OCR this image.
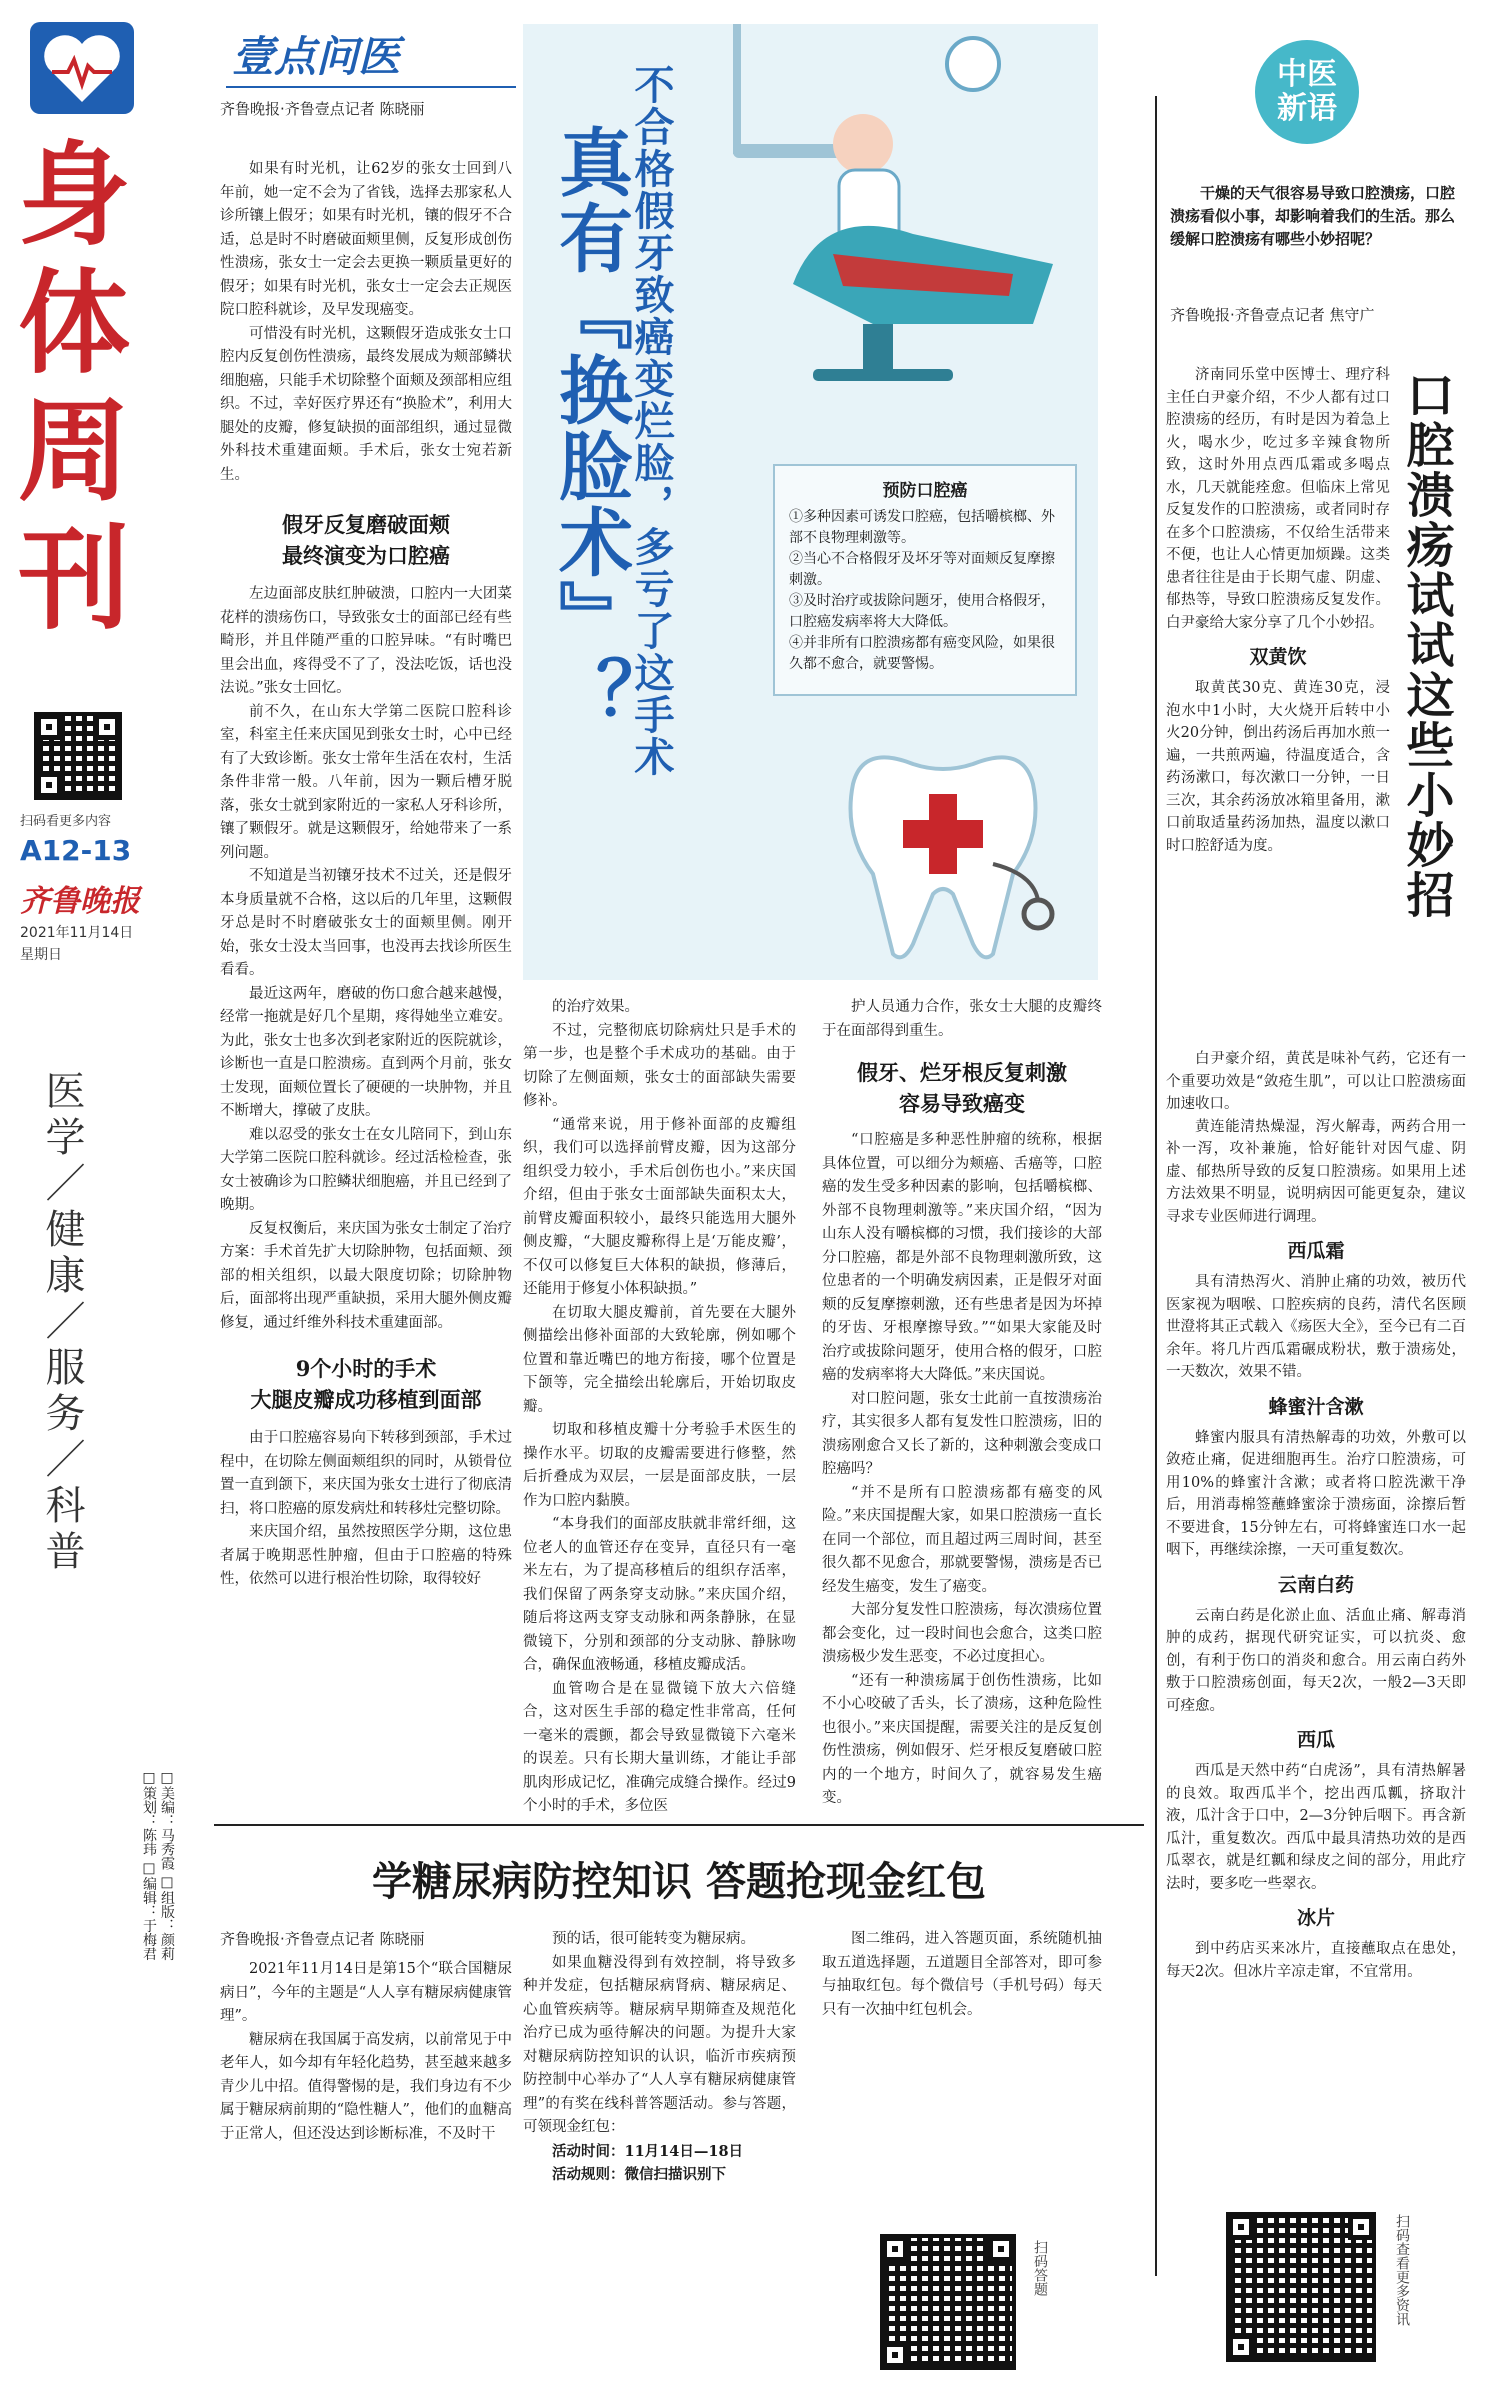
身体周刊
扫码看更多内容
A12-13
齐鲁晚报
2021年11月14日
星期日
医学／健康／服务／科普
□美编：马秀霞 □组版：颜莉
□策划：陈玮 □编辑：于梅君
壹点问医
齐鲁晚报·齐鲁壹点记者 陈晓丽

如果有时光机，让62岁的张女士回到八年前，她一定不会为了省钱，选择去那家私人诊所镶上假牙；如果有时光机，镶的假牙不合适，总是时不时磨破面颊里侧，反复形成创伤性溃疡，张女士一定会去更换一颗质量更好的假牙；如果有时光机，张女士一定会去正规医院口腔科就诊，及早发现癌变。

可惜没有时光机，这颗假牙造成张女士口腔内反复创伤性溃疡，最终发展成为颊部鳞状细胞癌，只能手术切除整个面颊及颈部相应组织。不过，幸好医疗界还有“换脸术”，利用大腿处的皮瓣，修复缺损的面部组织，通过显微外科技术重建面颊。手术后，张女士宛若新生。

假牙反复磨破面颊
最终演变为口腔癌

左边面部皮肤红肿破溃，口腔内一大团菜花样的溃疡伤口，导致张女士的面部已经有些畸形，并且伴随严重的口腔异味。“有时嘴巴里会出血，疼得受不了了，没法吃饭，话也没法说。”张女士回忆。

前不久，在山东大学第二医院口腔科诊室，科室主任来庆国见到张女士时，心中已经有了大致诊断。张女士常年生活在农村，生活条件非常一般。八年前，因为一颗后槽牙脱落，张女士就到家附近的一家私人牙科诊所，镶了颗假牙。就是这颗假牙，给她带来了一系列问题。

不知道是当初镶牙技术不过关，还是假牙本身质量就不合格，这以后的几年里，这颗假牙总是时不时磨破张女士的面颊里侧。刚开始，张女士没太当回事，也没再去找诊所医生看看。

最近这两年，磨破的伤口愈合越来越慢，经常一拖就是好几个星期，疼得她坐立难安。为此，张女士也多次到老家附近的医院就诊，诊断也一直是口腔溃疡。直到两个月前，张女士发现，面颊位置长了硬硬的一块肿物，并且不断增大，撑破了皮肤。

难以忍受的张女士在女儿陪同下，到山东大学第二医院口腔科就诊。经过活检检查，张女士被确诊为口腔鳞状细胞癌，并且已经到了晚期。

反复权衡后，来庆国为张女士制定了治疗方案：手术首先扩大切除肿物，包括面颊、颈部的相关组织，以最大限度切除；切除肿物后，面部将出现严重缺损，采用大腿外侧皮瓣修复，通过纤维外科技术重建面部。

9个小时的手术
大腿皮瓣成功移植到面部

由于口腔癌容易向下转移到颈部，手术过程中，在切除左侧面颊组织的同时，从锁骨位置一直到颌下，来庆国为张女士进行了彻底清扫，将口腔癌的原发病灶和转移灶完整切除。

来庆国介绍，虽然按照医学分期，这位患者属于晚期恶性肿瘤，但由于口腔癌的特殊性，依然可以进行根治性切除，取得较好

不合格假牙致癌变烂脸，多亏了这手术
真有『换脸术』？	预防口腔癌
①多种因素可诱发口腔癌，包括嚼槟榔、外部不良物理刺激等。
②当心不合格假牙及坏牙等对面颊反复摩擦刺激。
③及时治疗或拔除问题牙，使用合格假牙，口腔癌发病率将大大降低。
④并非所有口腔溃疡都有癌变风险，如果很久都不愈合，就要警惕。

的治疗效果。

不过，完整彻底切除病灶只是手术的第一步，也是整个手术成功的基础。由于切除了左侧面颊，张女士的面部缺失需要修补。

“通常来说，用于修补面部的皮瓣组织，我们可以选择前臂皮瓣，因为这部分组织受力较小，手术后创伤也小。”来庆国介绍，但由于张女士面部缺失面积太大，前臂皮瓣面积较小，最终只能选用大腿外侧皮瓣，“大腿皮瓣称得上是‘万能皮瓣’，不仅可以修复巨大体积的缺损，修薄后，还能用于修复小体积缺损。”

在切取大腿皮瓣前，首先要在大腿外侧描绘出修补面部的大致轮廓，例如哪个位置和靠近嘴巴的地方衔接，哪个位置是下颌等，完全描绘出轮廓后，开始切取皮瓣。

切取和移植皮瓣十分考验手术医生的操作水平。切取的皮瓣需要进行修整，然后折叠成为双层，一层是面部皮肤，一层作为口腔内黏膜。

“本身我们的面部皮肤就非常纤细，这位老人的血管还存在变异，直径只有一毫米左右，为了提高移植后的组织存活率，我们保留了两条穿支动脉。”来庆国介绍，随后将这两支穿支动脉和两条静脉，在显微镜下，分别和颈部的分支动脉、静脉吻合，确保血液畅通，移植皮瓣成活。

血管吻合是在显微镜下放大六倍缝合，这对医生手部的稳定性非常高，任何一毫米的震颤，都会导致显微镜下六毫米的误差。只有长期大量训练，才能让手部肌肉形成记忆，准确完成缝合操作。经过9个小时的手术，多位医

护人员通力合作，张女士大腿的皮瓣终于在面部得到重生。

假牙、烂牙根反复刺激
容易导致癌变

“口腔癌是多种恶性肿瘤的统称，根据具体位置，可以细分为颊癌、舌癌等，口腔癌的发生受多种因素的影响，包括嚼槟榔、外部不良物理刺激等。”来庆国介绍，“因为山东人没有嚼槟榔的习惯，我们接诊的大部分口腔癌，都是外部不良物理刺激所致，这位患者的一个明确发病因素，正是假牙对面颊的反复摩擦刺激，还有些患者是因为坏掉的牙齿、牙根摩擦导致。”“如果大家能及时治疗或拔除问题牙，使用合格的假牙，口腔癌的发病率将大大降低。”来庆国说。

对口腔问题，张女士此前一直按溃疡治疗，其实很多人都有复发性口腔溃疡，旧的溃疡刚愈合又长了新的，这种刺激会变成口腔癌吗？

“并不是所有口腔溃疡都有癌变的风险。”来庆国提醒大家，如果口腔溃疡一直长在同一个部位，而且超过两三周时间，甚至很久都不见愈合，那就要警惕，溃疡是否已经发生癌变，发生了癌变。

大部分复发性口腔溃疡，每次溃疡位置都会变化，过一段时间也会愈合，这类口腔溃疡极少发生恶变，不必过度担心。

“还有一种溃疡属于创伤性溃疡，比如不小心咬破了舌头，长了溃疡，这种危险性也很小。”来庆国提醒，需要关注的是反复创伤性溃疡，例如假牙、烂牙根反复磨破口腔内的一个地方，时间久了，就容易发生癌变。

中医新语
干燥的天气很容易导致口腔溃疡，口腔溃疡看似小事，却影响着我们的生活。那么缓解口腔溃疡有哪些小妙招呢？
齐鲁晚报·齐鲁壹点记者 焦守广

济南同乐堂中医博士、理疗科主任白尹豪介绍，不少人都有过口腔溃疡的经历，有时是因为着急上火，喝水少，吃过多辛辣食物所致，这时外用点西瓜霜或多喝点水，几天就能痊愈。但临床上常见反复发作的口腔溃疡，或者同时存在多个口腔溃疡，不仅给生活带来不便，也让人心情更加烦躁。这类患者往往是由于长期气虚、阴虚、郁热等，导致口腔溃疡反复发作。白尹豪给大家分享了几个小妙招。

双黄饮

取黄芪30克、黄连30克，浸泡水中1小时，大火烧开后转中小火20分钟，倒出药汤后再加水煎一遍，一共煎两遍，待温度适合，含药汤漱口，每次漱口一分钟，一日三次，其余药汤放冰箱里备用，漱口前取适量药汤加热，温度以漱口时口腔舒适为度。	口腔溃疡试试这些小妙招

白尹豪介绍，黄芪是味补气药，它还有一个重要功效是“敛疮生肌”，可以让口腔溃疡面加速收口。

黄连能清热燥湿，泻火解毒，两药合用一补一泻，攻补兼施，恰好能针对因气虚、阴虚、郁热所导致的反复口腔溃疡。如果用上述方法效果不明显，说明病因可能更复杂，建议寻求专业医师进行调理。

西瓜霜

具有清热泻火、消肿止痛的功效，被历代医家视为咽喉、口腔疾病的良药，清代名医顾世澄将其正式载入《疡医大全》，至今已有二百余年。将几片西瓜霜碾成粉状，敷于溃疡处，一天数次，效果不错。

蜂蜜汁含漱

蜂蜜内服具有清热解毒的功效，外敷可以敛疮止痛，促进细胞再生。治疗口腔溃疡，可用10%的蜂蜜汁含漱；或者将口腔洗漱干净后，用消毒棉签蘸蜂蜜涂于溃疡面，涂擦后暂不要进食，15分钟左右，可将蜂蜜连口水一起咽下，再继续涂擦，一天可重复数次。

云南白药

云南白药是化淤止血、活血止痛、解毒消肿的成药，据现代研究证实，可以抗炎、愈创，有利于伤口的消炎和愈合。用云南白药外敷于口腔溃疡创面，每天2次，一般2—3天即可痊愈。

西瓜

西瓜是天然中药“白虎汤”，具有清热解暑的良效。取西瓜半个，挖出西瓜瓤，挤取汁液，瓜汁含于口中，2—3分钟后咽下。再含新瓜汁，重复数次。西瓜中最具清热功效的是西瓜翠衣，就是红瓤和绿皮之间的部分，用此疗法时，要多吃一些翠衣。

冰片

到中药店买来冰片，直接蘸取点在患处，每天2次。但冰片辛凉走窜，不宜常用。

扫码查看更多资讯
学糖尿病防控知识 答题抢现金红包
齐鲁晚报·齐鲁壹点记者 陈晓丽

2021年11月14日是第15个“联合国糖尿病日”，今年的主题是“人人享有糖尿病健康管理”。

糖尿病在我国属于高发病，以前常见于中老年人，如今却有年轻化趋势，甚至越来越多青少儿中招。值得警惕的是，我们身边有不少属于糖尿病前期的“隐性糖人”，他们的血糖高于正常人，但还没达到诊断标准，不及时干

预的话，很可能转变为糖尿病。

如果血糖没得到有效控制，将导致多种并发症，包括糖尿病肾病、糖尿病足、心血管疾病等。糖尿病早期筛查及规范化治疗已成为亟待解决的问题。为提升大家对糖尿病防控知识的认识，临沂市疾病预防控制中心举办了“人人享有糖尿病健康管理”的有奖在线科普答题活动。参与答题，可领现金红包：

活动时间：11月14日—18日

活动规则：微信扫描识别下

图二维码，进入答题页面，系统随机抽取五道选择题，五道题目全部答对，即可参与抽取红包。每个微信号（手机号码）每天只有一次抽中红包机会。

扫码答题
